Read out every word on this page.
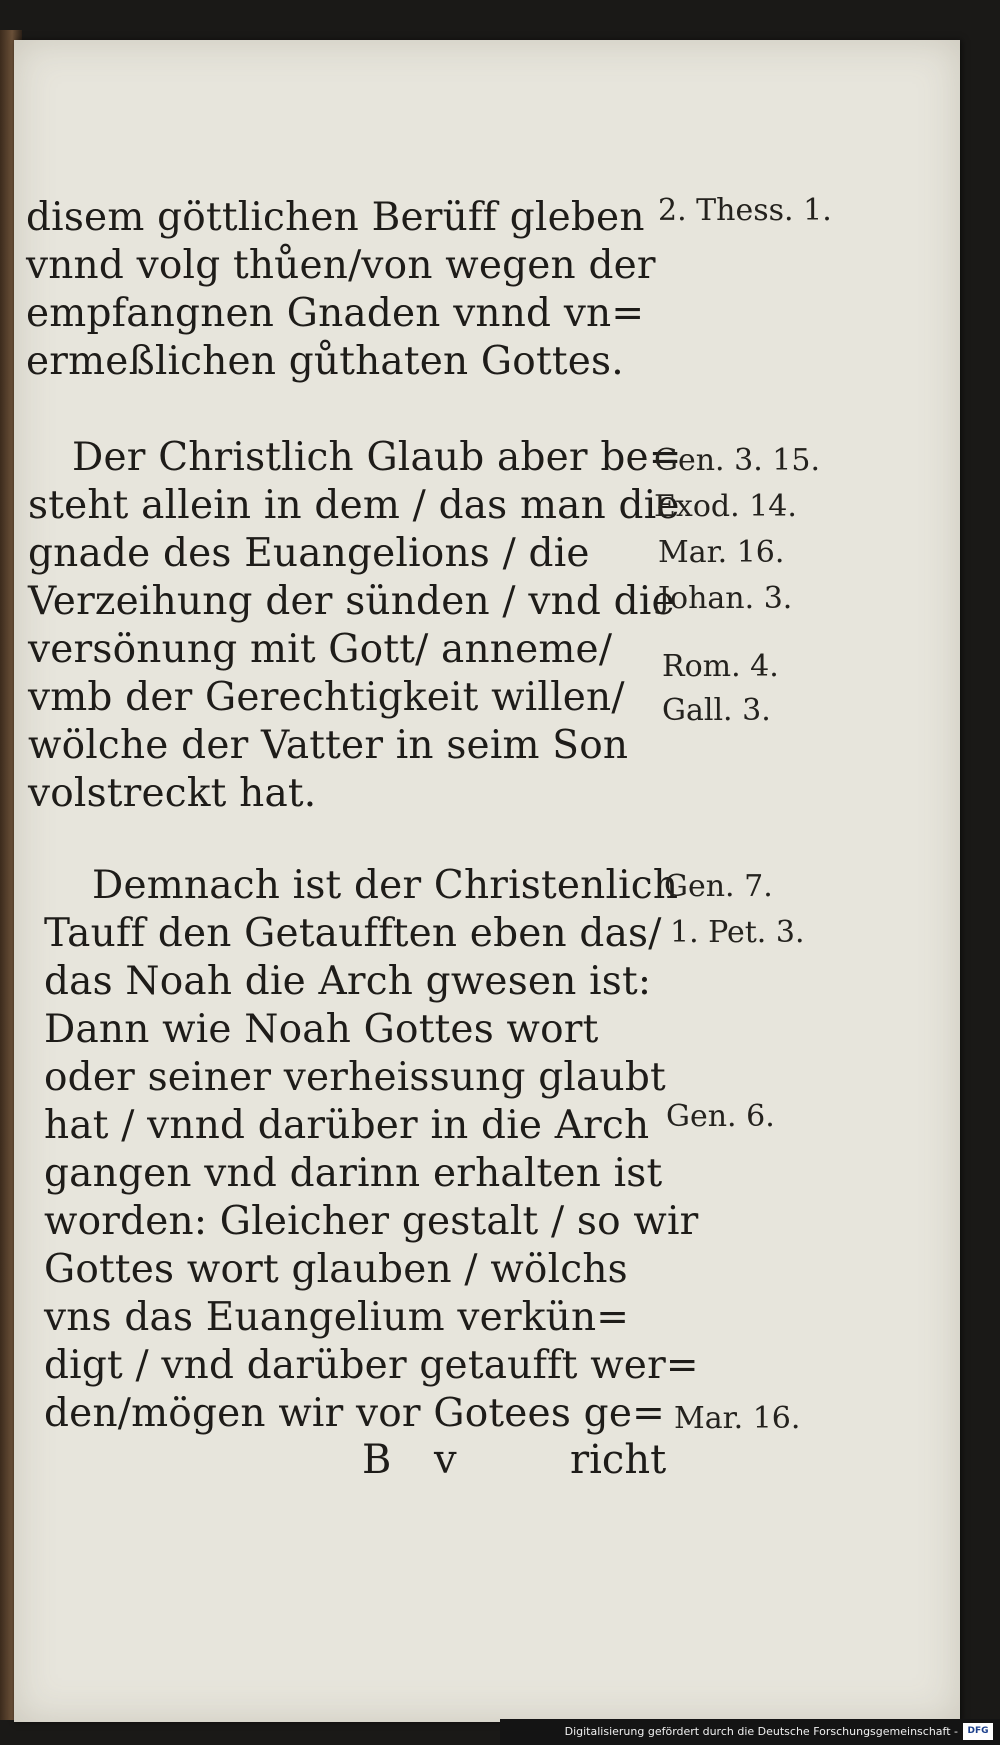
disem göttlichen Berüff gleben

vnnd volg thůen/von wegen der

empfangnen Gnaden vnnd vn=

ermeßlichen gůthaten Gottes.

Der Christlich Glaub aber be=

steht allein in dem / das man die

gnade des Euangelions / die

Verzeihung der sünden / vnd die

versönung mit Gott/ anneme/

vmb der Gerechtigkeit willen/

wölche der Vatter in seim Son

volstreckt hat.

Demnach ist der Christenlich

Tauff den Getaufften eben das/

das Noah die Arch gwesen ist:

Dann wie Noah Gottes wort

oder seiner verheissung glaubt

hat / vnnd darüber in die Arch

gangen vnd darinn erhalten ist

worden: Gleicher gestalt / so wir

Gottes wort glauben / wölchs

vns das Euangelium verkün=

digt / vnd darüber getaufft wer=

den/mögen wir vor Gotees ge=

B v	richt

2. Thess. 1.

Gen. 3. 15.

Exod. 14.

Mar. 16.

Johan. 3.

Rom. 4.

Gall. 3.

Gen. 7.

1. Pet. 3.

Gen. 6.

Mar. 16.

Digitalisierung gefördert durch die Deutsche Forschungsgemeinschaft -	DFG
